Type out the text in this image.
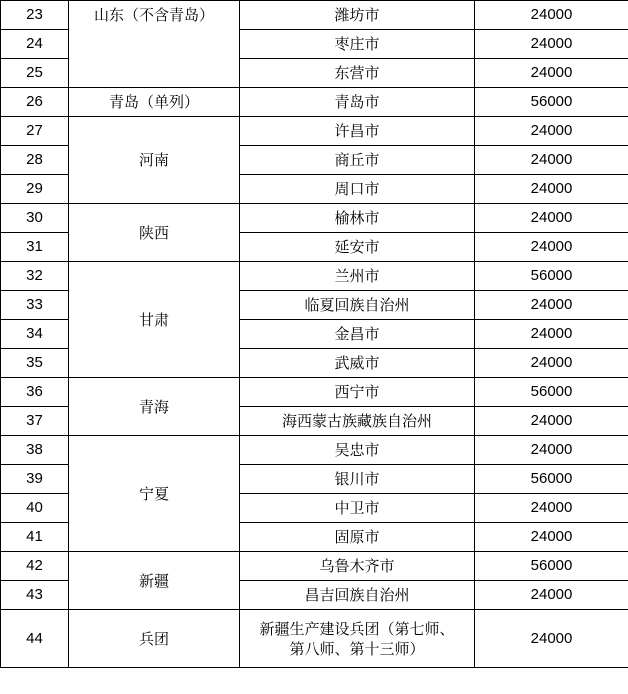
23	山东（不含青岛）	潍坊市	24000
24		枣庄市	24000
25		东营市	24000
26	青岛（单列）	青岛市	56000
27	河南	许昌市	24000
28		商丘市	24000
29		周口市	24000
30	陕西	榆林市	24000
31		延安市	24000
32	甘肃	兰州市	56000
33		临夏回族自治州	24000
34		金昌市	24000
35		武威市	24000
36	青海	西宁市	56000
37		海西蒙古族藏族自治州	24000
38	宁夏	吴忠市	24000
39		银川市	56000
40		中卫市	24000
41		固原市	24000
42	新疆	乌鲁木齐市	56000
43		昌吉回族自治州	24000
44	兵团	新疆生产建设兵团（第七师、
第八师、第十三师）	24000
